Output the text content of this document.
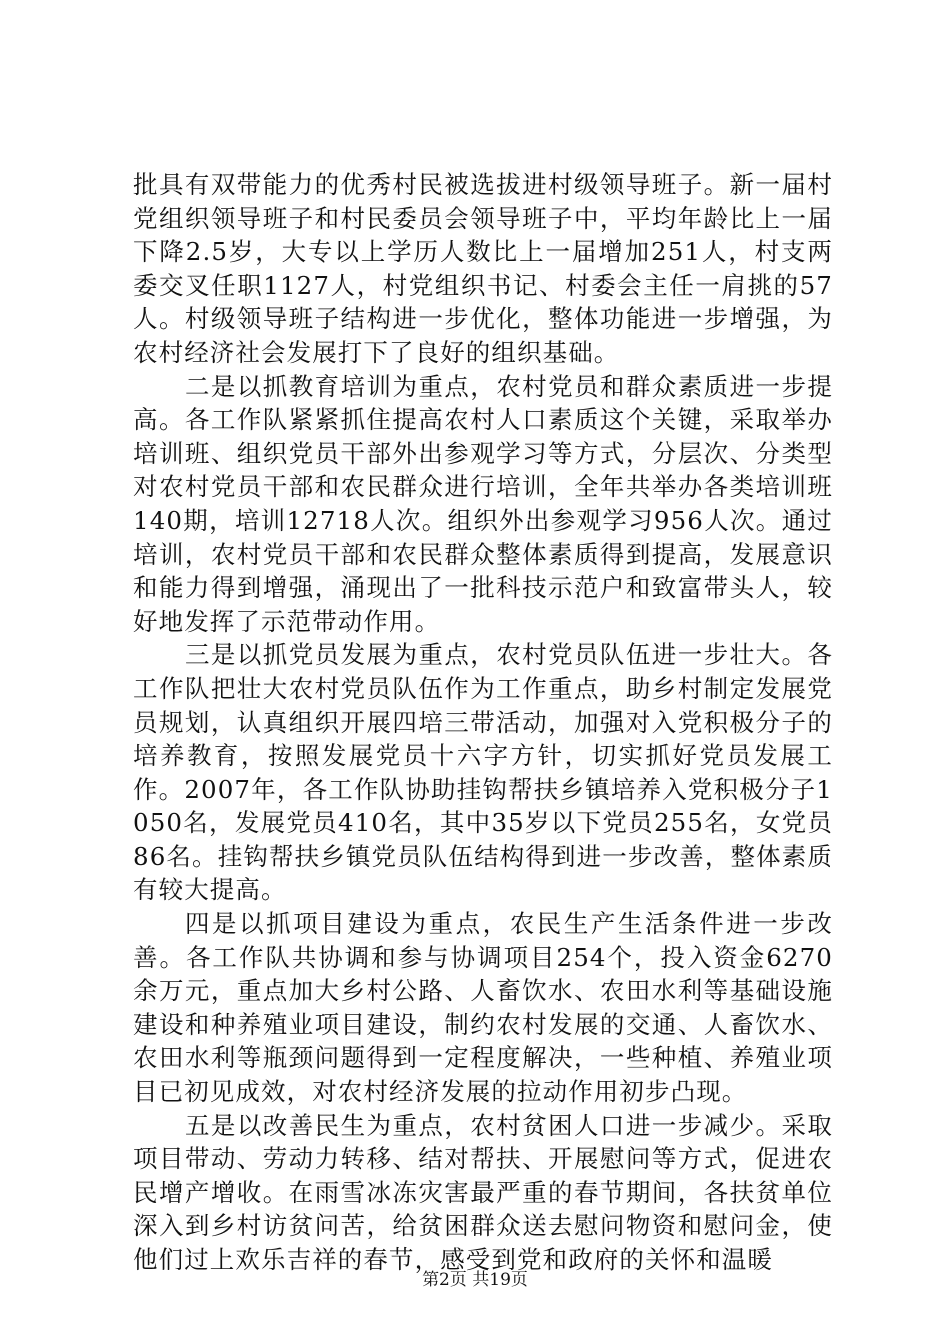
批具有双带能力的优秀村民被选拔进村级领导班子。新一届村党组织领导班子和村民委员会领导班子中，平均年龄比上一届下降2.5岁，大专以上学历人数比上一届增加251人，村支两委交叉任职1127人，村党组织书记、村委会主任一肩挑的57人。村级领导班子结构进一步优化，整体功能进一步增强，为农村经济社会发展打下了良好的组织基础。

二是以抓教育培训为重点，农村党员和群众素质进一步提高。各工作队紧紧抓住提高农村人口素质这个关键，采取举办培训班、组织党员干部外出参观学习等方式，分层次、分类型对农村党员干部和农民群众进行培训，全年共举办各类培训班140期，培训12718人次。组织外出参观学习956人次。通过培训，农村党员干部和农民群众整体素质得到提高，发展意识和能力得到增强，涌现出了一批科技示范户和致富带头人，较好地发挥了示范带动作用。

三是以抓党员发展为重点，农村党员队伍进一步壮大。各工作队把壮大农村党员队伍作为工作重点，助乡村制定发展党员规划，认真组织开展四培三带活动，加强对入党积极分子的培养教育，按照发展党员十六字方针，切实抓好党员发展工作。2007年，各工作队协助挂钩帮扶乡镇培养入党积极分子1050名，发展党员410名，其中35岁以下党员255名，女党员86名。挂钩帮扶乡镇党员队伍结构得到进一步改善，整体素质有较大提高。

四是以抓项目建设为重点，农民生产生活条件进一步改善。各工作队共协调和参与协调项目254个，投入资金6270余万元，重点加大乡村公路、人畜饮水、农田水利等基础设施建设和种养殖业项目建设，制约农村发展的交通、人畜饮水、农田水利等瓶颈问题得到一定程度解决，一些种植、养殖业项目已初见成效，对农村经济发展的拉动作用初步凸现。

五是以改善民生为重点，农村贫困人口进一步减少。采取项目带动、劳动力转移、结对帮扶、开展慰问等方式，促进农民增产增收。在雨雪冰冻灾害最严重的春节期间，各扶贫单位深入到乡村访贫问苦，给贫困群众送去慰问物资和慰问金，使他们过上欢乐吉祥的春节，感受到党和政府的关怀和温暖

第2页 共19页
